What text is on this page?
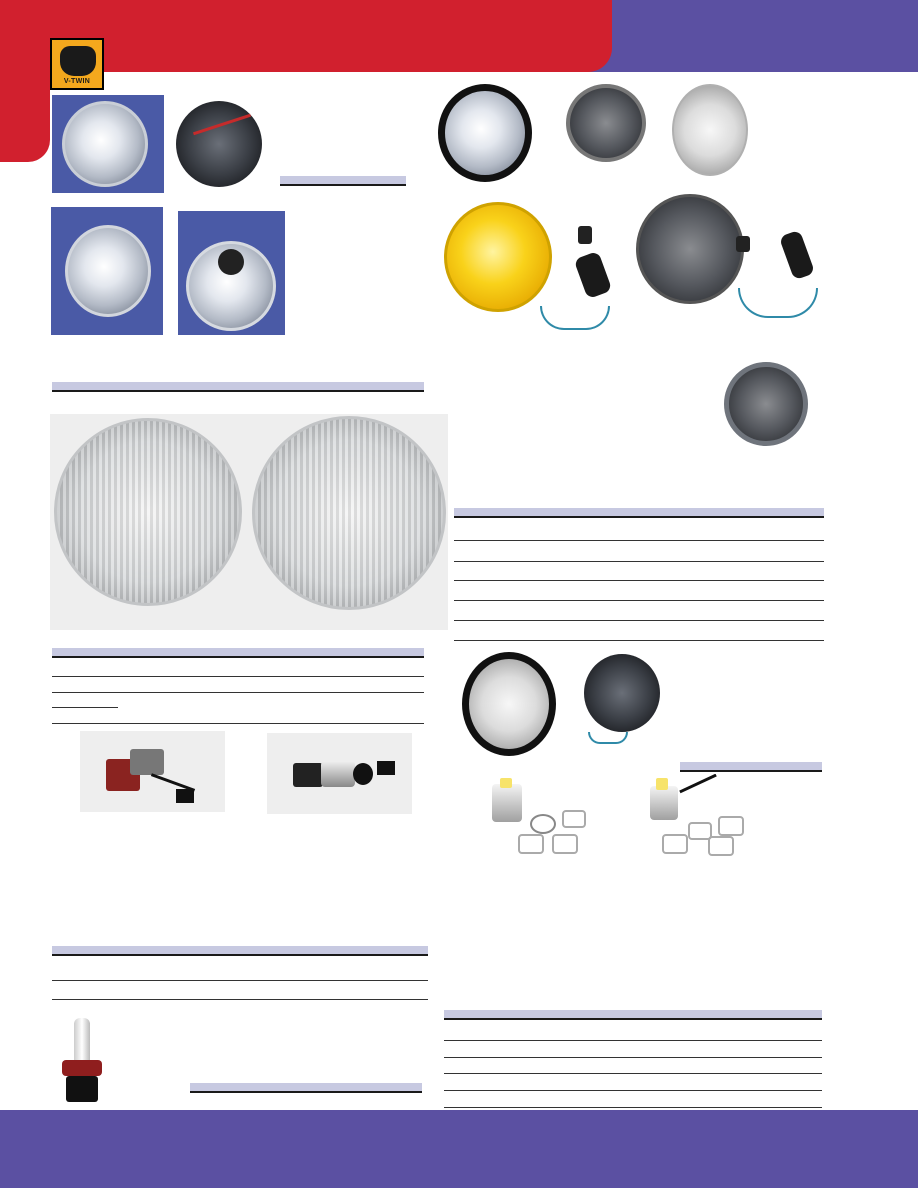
V-TWIN
